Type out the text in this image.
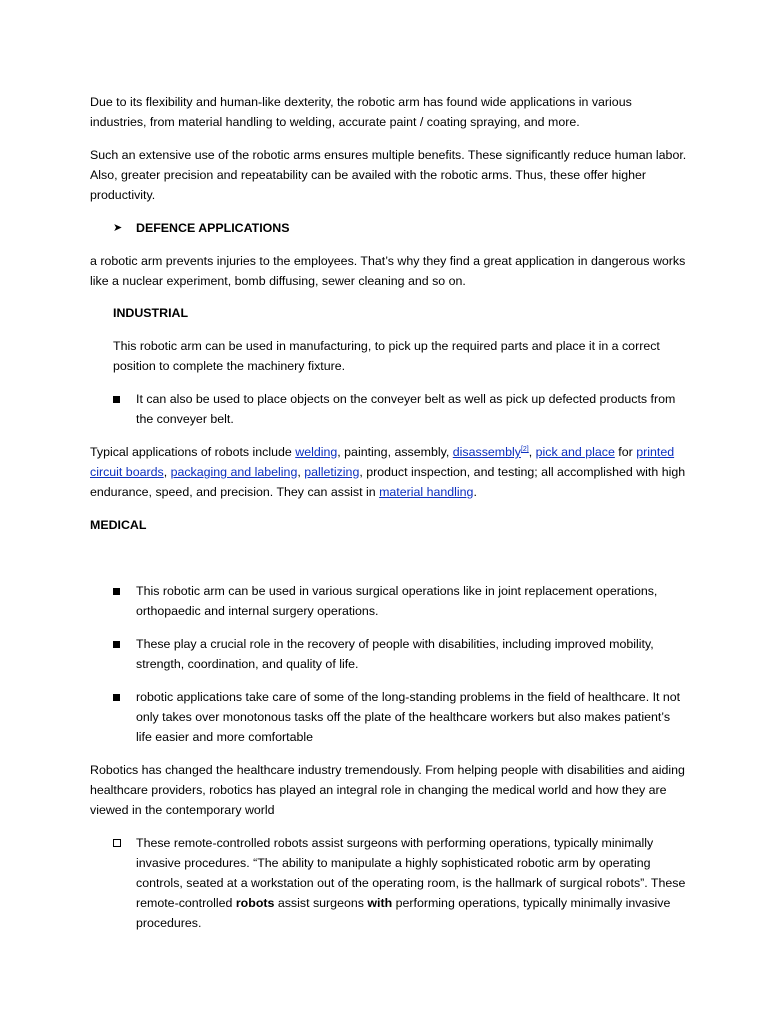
Due to its flexibility and human-like dexterity, the robotic arm has found wide applications in various industries, from material handling to welding, accurate paint / coating spraying, and more.

Such an extensive use of the robotic arms ensures multiple benefits. These significantly reduce human labor. Also, greater precision and repeatability can be availed with the robotic arms. Thus, these offer higher productivity.

➤	DEFENCE APPLICATIONS

a robotic arm prevents injuries to the employees. That’s why they find a great application in dangerous works like a nuclear experiment, bomb diffusing, sewer cleaning and so on.

INDUSTRIAL

This robotic arm can be used in manufacturing, to pick up the required parts and place it in a correct position to complete the machinery fixture.

It can also be used to place objects on the conveyer belt as well as pick up defected products from the conveyer belt.

Typical applications of robots include welding, painting, assembly, disassembly[2], pick and place for printed circuit boards, packaging and labeling, palletizing, product inspection, and testing; all accomplished with high endurance, speed, and precision. They can assist in material handling.

MEDICAL

This robotic arm can be used in various surgical operations like in joint replacement operations, orthopaedic and internal surgery operations.
These play a crucial role in the recovery of people with disabilities, including improved mobility, strength, coordination, and quality of life.
robotic applications take care of some of the long-standing problems in the field of healthcare. It not only takes over monotonous tasks off the plate of the healthcare workers but also makes patient’s life easier and more comfortable

Robotics has changed the healthcare industry tremendously. From helping people with disabilities and aiding healthcare providers, robotics has played an integral role in changing the medical world and how they are viewed in the contemporary world

These remote-controlled robots assist surgeons with performing operations, typically minimally invasive procedures. “The ability to manipulate a highly sophisticated robotic arm by operating controls, seated at a workstation out of the operating room, is the hallmark of surgical robots”. These remote-controlled robots assist surgeons with performing operations, typically minimally invasive procedures.
